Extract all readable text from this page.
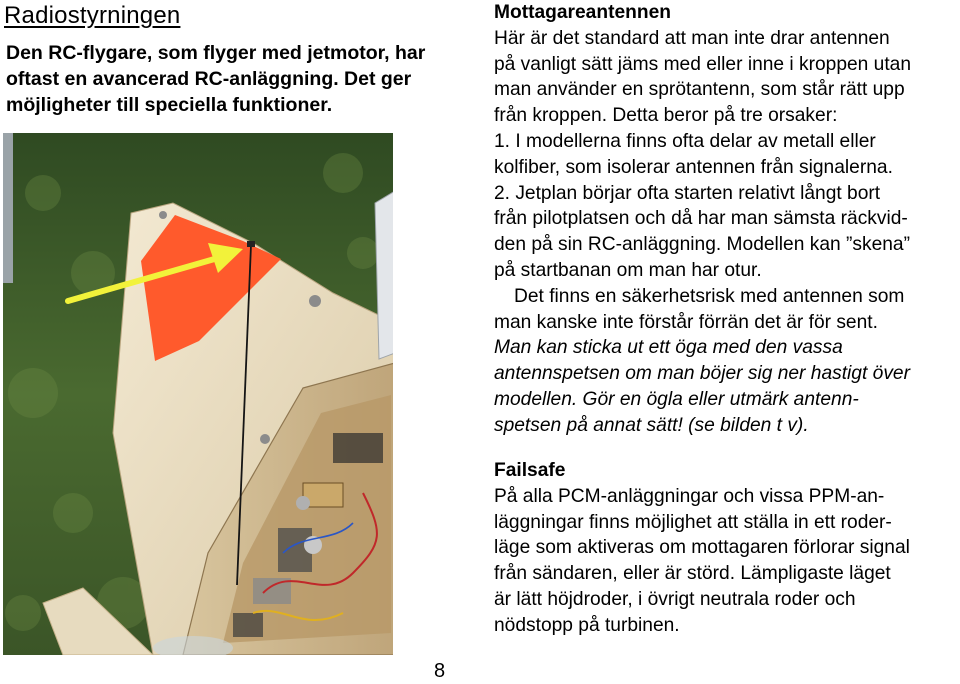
Radiostyrningen
Den RC-flygare, som flyger med jetmotor, har
oftast en avancerad RC-anläggning. Det ger
möjligheter till speciella funktioner.

Mottagareantennen

Här är det standard att man inte drar antennen

på vanligt sätt jäms med eller inne i kroppen utan

man använder en sprötantenn, som står rätt upp

från kroppen. Detta beror på tre orsaker:

1. I modellerna finns ofta delar av metall eller

kolfiber, som isolerar antennen från signalerna.

2. Jetplan börjar ofta starten relativt långt bort

från pilotplatsen och då har man sämsta räckvid-

den på sin RC-anläggning. Modellen kan ”skena”

på startbanan om man har otur.

Det finns en säkerhetsrisk med antennen som

man kanske inte förstår förrän det är för sent.

Man kan sticka ut ett öga med den vassa

antennspetsen om man böjer sig ner hastigt över

modellen. Gör en ögla eller utmärk antenn-

spetsen på annat sätt! (se bilden t v).

Failsafe

På alla PCM-anläggningar och vissa PPM-an-

läggningar finns möjlighet att ställa in ett roder-

läge som aktiveras om mottagaren förlorar signal

från sändaren, eller är störd. Lämpligaste läget

är lätt höjdroder, i övrigt neutrala roder och

nödstopp på turbinen.

8
